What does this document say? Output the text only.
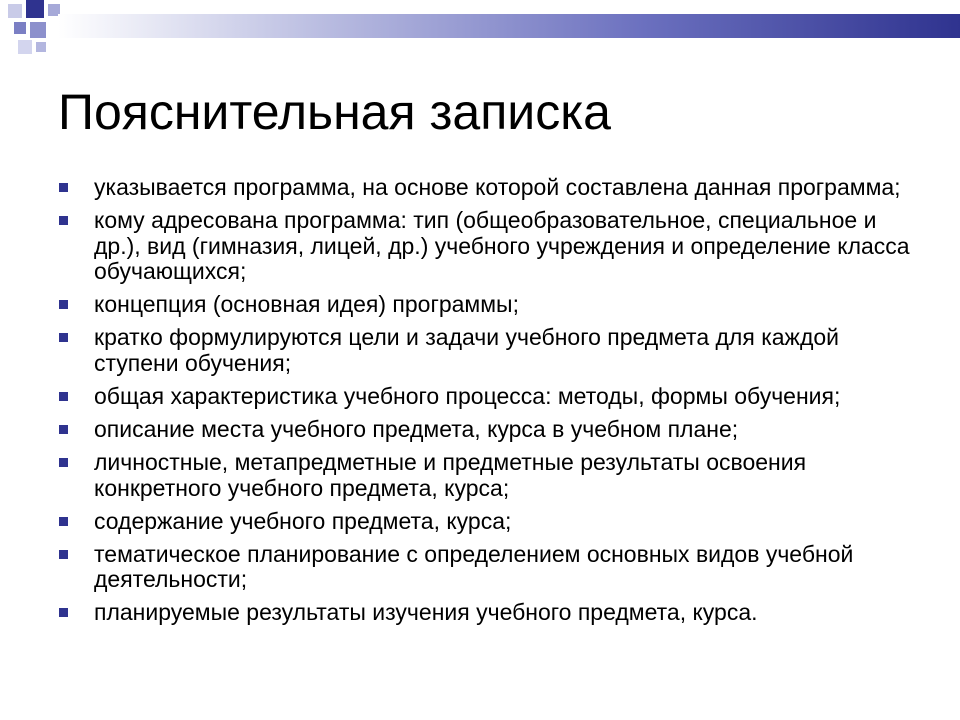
Пояснительная записка
указывается программа, на основе которой составлена данная программа;
кому адресована программа: тип (общеобразовательное, специальное и др.), вид (гимназия, лицей, др.) учебного учреждения и определение класса обучающихся;
концепция (основная идея) программы;
кратко формулируются цели и задачи учебного предмета для каждой ступени обучения;
общая характеристика учебного процесса: методы, формы обучения;
описание места учебного предмета, курса в учебном плане;
личностные, метапредметные и предметные результаты освоения конкретного учебного предмета, курса;
содержание учебного предмета, курса;
тематическое планирование с определением основных видов учебной деятельности;
планируемые результаты изучения учебного предмета, курса.
